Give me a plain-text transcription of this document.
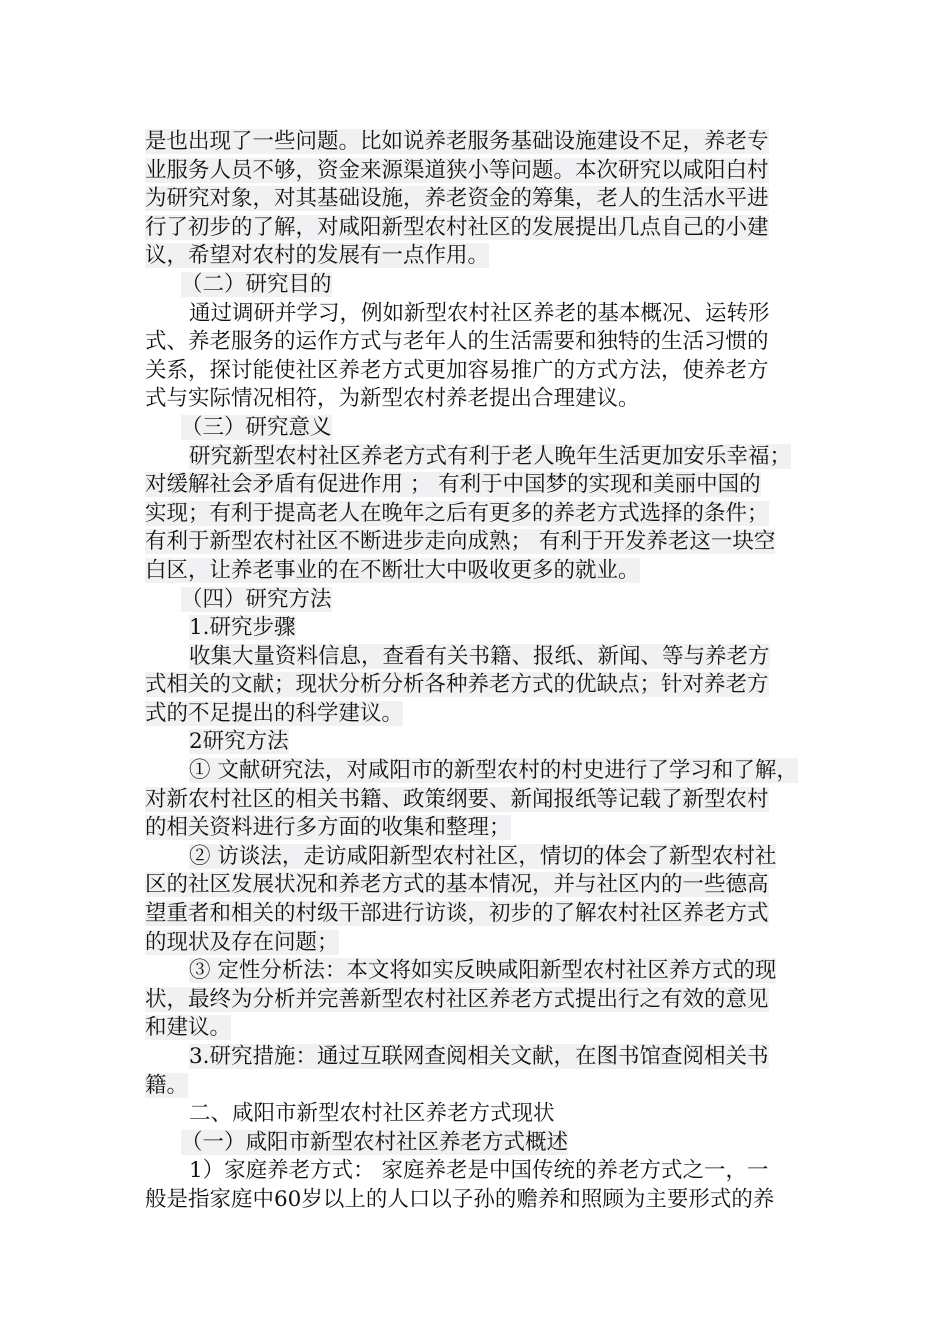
是也出现了一些问题。比如说养老服务基础设施建设不足，养老专
业服务人员不够，资金来源渠道狭小等问题。本次研究以咸阳白村
为研究对象，对其基础设施，养老资金的筹集，老人的生活水平进
行了初步的了解，对咸阳新型农村社区的发展提出几点自己的小建
议，希望对农村的发展有一点作用。
（二）研究目的
通过调研并学习，例如新型农村社区养老的基本概况、运转形
式、养老服务的运作方式与老年人的生活需要和独特的生活习惯的
关系，探讨能使社区养老方式更加容易推广的方式方法，使养老方
式与实际情况相符，为新型农村养老提出合理建议。
（三）研究意义
研究新型农村社区养老方式有利于老人晚年生活更加安乐幸福；
对缓解社会矛盾有促进作用 ； 有利于中国梦的实现和美丽中国的
实现；有利于提高老人在晚年之后有更多的养老方式选择的条件；
有利于新型农村社区不断进步走向成熟； 有利于开发养老这一块空
白区，让养老事业的在不断壮大中吸收更多的就业。
（四）研究方法
1.研究步骤
收集大量资料信息，查看有关书籍、报纸、新闻、等与养老方
式相关的文献；现状分析分析各种养老方式的优缺点；针对养老方
式的不足提出的科学建议。
2研究方法
① 文献研究法，对咸阳市的新型农村的村史进行了学习和了解，
对新农村社区的相关书籍、政策纲要、新闻报纸等记载了新型农村
的相关资料进行多方面的收集和整理；
② 访谈法，走访咸阳新型农村社区，情切的体会了新型农村社
区的社区发展状况和养老方式的基本情况，并与社区内的一些德高
望重者和相关的村级干部进行访谈，初步的了解农村社区养老方式
的现状及存在问题；
③ 定性分析法：本文将如实反映咸阳新型农村社区养方式的现
状，最终为分析并完善新型农村社区养老方式提出行之有效的意见
和建议。
3.研究措施：通过互联网查阅相关文献，在图书馆查阅相关书
籍。
二、咸阳市新型农村社区养老方式现状
（一）咸阳市新型农村社区养老方式概述
1）家庭养老方式： 家庭养老是中国传统的养老方式之一，一
般是指家庭中60岁以上的人口以子孙的赡养和照顾为主要形式的养
